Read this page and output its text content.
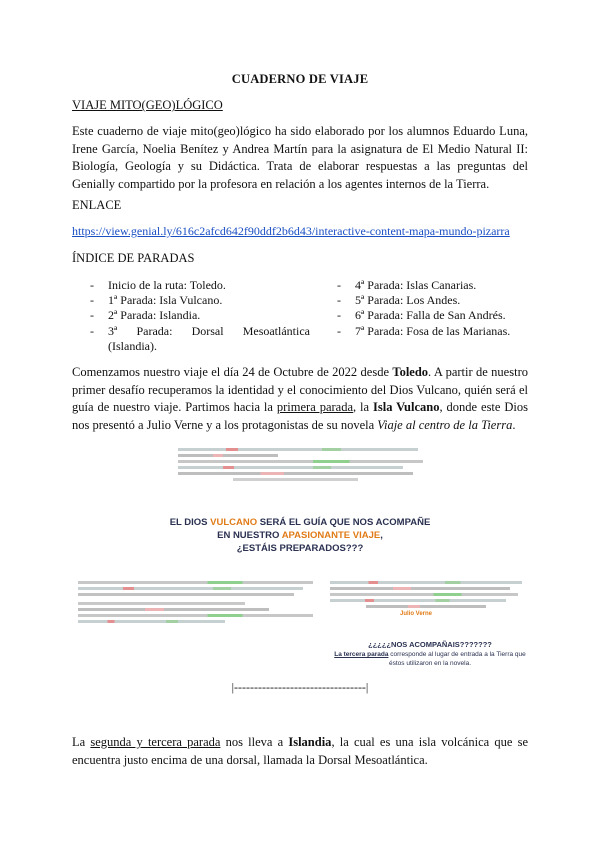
CUADERNO DE VIAJE
VIAJE MITO(GEO)LÓGICO
Este cuaderno de viaje mito(geo)lógico ha sido elaborado por los alumnos Eduardo Luna, Irene García, Noelia Benítez y Andrea Martín para la asignatura de El Medio Natural II: Biología, Geología y su Didáctica. Trata de elaborar respuestas a las preguntas del Genially compartido por la profesora en relación a los agentes internos de la Tierra.
ENLACE
https://view.genial.ly/616c2afcd642f90ddf2b6d43/interactive-content-mapa-mundo-pizarra
ÍNDICE DE PARADAS
- Inicio de la ruta: Toledo.
- 1ª Parada: Isla Vulcano.
- 2ª Parada: Islandia.
- 3ª Parada: Dorsal Mesoatlántica (Islandia).
- 4ª Parada: Islas Canarias.
- 5ª Parada: Los Andes.
- 6ª Parada: Falla de San Andrés.
- 7ª Parada: Fosa de las Marianas.
Comenzamos nuestro viaje el día 24 de Octubre de 2022 desde Toledo. A partir de nuestro primer desafío recuperamos la identidad y el conocimiento del Dios Vulcano, quién será el guía de nuestro viaje. Partimos hacia la primera parada, la Isla Vulcano, donde este Dios nos presentó a Julio Verne y a los protagonistas de su novela Viaje al centro de la Tierra.
EL DIOS VULCANO SERÁ EL GUÍA QUE NOS ACOMPAÑE
EN NUESTRO APASIONANTE VIAJE,
¿ESTÁIS PREPARADOS???
Julio Verne
¿¿¿¿¿NOS ACOMPAÑAIS???????
La tercera parada corresponde al lugar de entrada a la Tierra que éstos utilizaron en la novela.
|---------------------------------|
La segunda y tercera parada nos lleva a Islandia, la cual es una isla volcánica que se encuentra justo encima de una dorsal, llamada la Dorsal Mesoatlántica.
